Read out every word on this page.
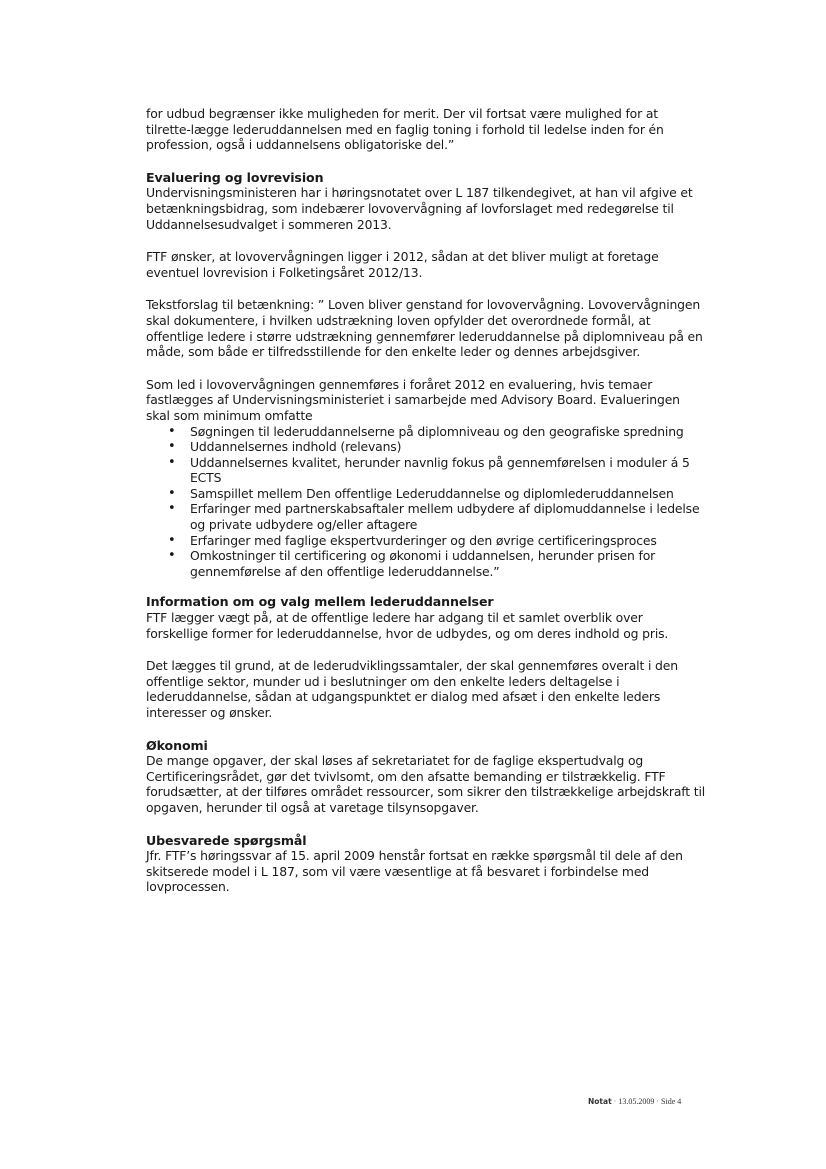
for udbud begrænser ikke muligheden for merit. Der vil fortsat være mulighed for at tilrette-lægge lederuddannelsen med en faglig toning i forhold til ledelse inden for én profession, også i uddannelsens obligatoriske del.”

Evaluering og lovrevision

Undervisningsministeren har i høringsnotatet over L 187 tilkendegivet, at han vil afgive et betænkningsbidrag, som indebærer lovovervågning af lovforslaget med redegørelse til Uddannelsesudvalget i sommeren 2013.

FTF ønsker, at lovovervågningen ligger i 2012, sådan at det bliver muligt at foretage eventuel lovrevision i Folketingsåret 2012/13.

Tekstforslag til betænkning: ” Loven bliver genstand for lovovervågning. Lovovervågningen skal dokumentere, i hvilken udstrækning loven opfylder det overordnede formål, at offentlige ledere i større udstrækning gennemfører lederuddannelse på diplomniveau på en måde, som både er tilfredsstillende for den enkelte leder og dennes arbejdsgiver.

Som led i lovovervågningen gennemføres i foråret 2012 en evaluering, hvis temaer fastlægges af Undervisningsministeriet i samarbejde med Advisory Board. Evalueringen skal som minimum omfatte

• Søgningen til lederuddannelserne på diplomniveau og den geografiske spredning
• Uddannelsernes indhold (relevans)
• Uddannelsernes kvalitet, herunder navnlig fokus på gennemførelsen i moduler á 5 ECTS
• Samspillet mellem Den offentlige Lederuddannelse og diplomlederuddannelsen
• Erfaringer med partnerskabsaftaler mellem udbydere af diplomuddannelse i ledelse og private udbydere og/eller aftagere
• Erfaringer med faglige ekspertvurderinger og den øvrige certificeringsproces
• Omkostninger til certificering og økonomi i uddannelsen, herunder prisen for gennemførelse af den offentlige lederuddannelse.”
Information om og valg mellem lederuddannelser

FTF lægger vægt på, at de offentlige ledere har adgang til et samlet overblik over forskellige former for lederuddannelse, hvor de udbydes, og om deres indhold og pris.

Det lægges til grund, at de lederudviklingssamtaler, der skal gennemføres overalt i den offentlige sektor, munder ud i beslutninger om den enkelte leders deltagelse i lederuddannelse, sådan at udgangspunktet er dialog med afsæt i den enkelte leders interesser og ønsker.

Økonomi

De mange opgaver, der skal løses af sekretariatet for de faglige ekspertudvalg og Certificeringsrådet, gør det tvivlsomt, om den afsatte bemanding er tilstrækkelig. FTF forudsætter, at der tilføres området ressourcer, som sikrer den tilstrækkelige arbejdskraft til opgaven, herunder til også at varetage tilsynsopgaver.

Ubesvarede spørgsmål

Jfr. FTF’s høringssvar af 15. april 2009 henstår fortsat en række spørgsmål til dele af den skitserede model i L 187, som vil være væsentlige at få besvaret i forbindelse med lovprocessen.

Notat · 13.05.2009 · Side 4
